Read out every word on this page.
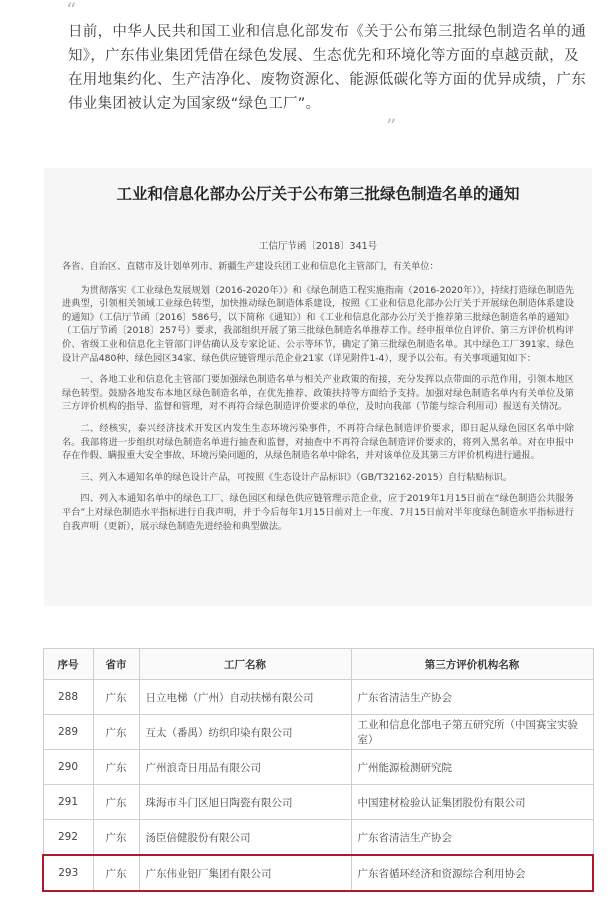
“
日前，中华人民共和国工业和信息化部发布《关于公布第三批绿色制造名单的通知》，广东伟业集团凭借在绿色发展、生态优先和环境化等方面的卓越贡献，及在用地集约化、生产洁净化、废物资源化、能源低碳化等方面的优异成绩，广东伟业集团被认定为国家级“绿色工厂”。
”
工业和信息化部办公厅关于公布第三批绿色制造名单的通知
工信厅节函〔2018〕341号

各省、自治区、直辖市及计划单列市、新疆生产建设兵团工业和信息化主管部门，有关单位：

为贯彻落实《工业绿色发展规划（2016-2020年）》和《绿色制造工程实施指南（2016-2020年）》，持续打造绿色制造先进典型，引领相关领域工业绿色转型，加快推动绿色制造体系建设，按照《工业和信息化部办公厅关于开展绿色制造体系建设的通知》（工信厅节函〔2016〕586号，以下简称《通知》）和《工业和信息化部办公厅关于推荐第三批绿色制造名单的通知》（工信厅节函〔2018〕257号）要求，我部组织开展了第三批绿色制造名单推荐工作。经申报单位自评价、第三方评价机构评价、省级工业和信息化主管部门评估确认及专家论证、公示等环节，确定了第三批绿色制造名单。其中绿色工厂391家、绿色设计产品480种、绿色园区34家、绿色供应链管理示范企业21家（详见附件1-4），现予以公布。有关事项通知如下：

一、各地工业和信息化主管部门要加强绿色制造名单与相关产业政策的衔接，充分发挥以点带面的示范作用，引领本地区绿色转型。鼓励各地发布本地区绿色制造名单，在优先推荐、政策扶持等方面给予支持。加强对绿色制造名单内有关单位及第三方评价机构的指导、监督和管理，对不再符合绿色制造评价要求的单位，及时向我部（节能与综合利用司）报送有关情况。

二、经核实，泰兴经济技术开发区内发生生态环境污染事件，不再符合绿色制造评价要求，即日起从绿色园区名单中除名。我部将进一步组织对绿色制造名单进行抽查和监督，对抽查中不再符合绿色制造评价要求的，将列入黑名单。对在申报中存在作假、瞒报重大安全事故、环境污染问题的，从绿色制造名单中除名，并对该单位及其第三方评价机构进行通报。

三、列入本通知名单的绿色设计产品，可按照《生态设计产品标识》（GB/T32162-2015）自行粘贴标识。

四、列入本通知名单中的绿色工厂、绿色园区和绿色供应链管理示范企业，应于2019年1月15日前在“绿色制造公共服务平台”上对绿色制造水平指标进行自我声明，并于今后每年1月15日前对上一年度、7月15日前对半年度绿色制造水平指标进行自我声明（更新），展示绿色制造先进经验和典型做法。

序号	省市	工厂名称	第三方评价机构名称
288	广东	日立电梯（广州）自动扶梯有限公司	广东省清洁生产协会
289	广东	互太（番禺）纺织印染有限公司	工业和信息化部电子第五研究所（中国赛宝实验室）
290	广东	广州浪奇日用品有限公司	广州能源检测研究院
291	广东	珠海市斗门区旭日陶瓷有限公司	中国建材检验认证集团股份有限公司
292	广东	汤臣倍健股份有限公司	广东省清洁生产协会
293	广东	广东伟业铝厂集团有限公司	广东省循环经济和资源综合利用协会
